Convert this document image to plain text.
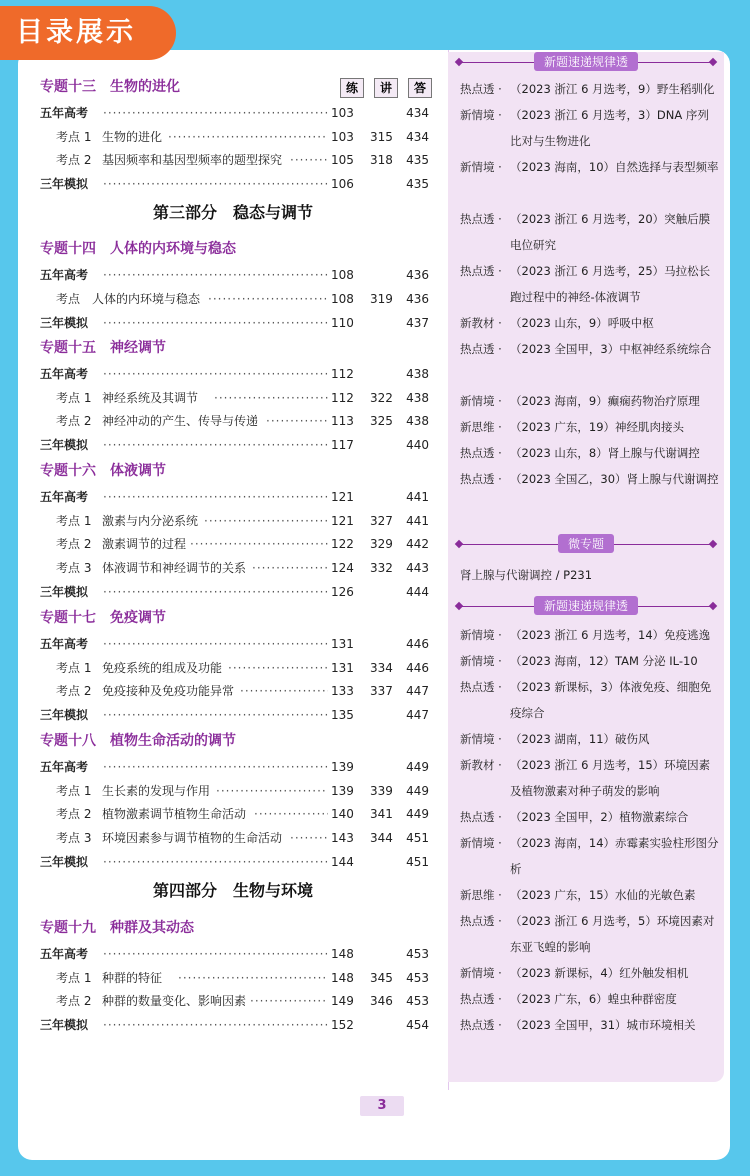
目录展示
练	讲	答
专题十三　生物的进化
五年高考 ·····	103	434
考点 1 生物的进化 ·····	103 315 434
考点 2 基因频率和基因型频率的题型探究 ·····	105 318 435
三年模拟 ·····	106	435
第三部分　稳态与调节
专题十四　人体的内环境与稳态
五年高考 ·····	108	436
考点 人体的内环境与稳态 ·····	108 319 436
三年模拟 ·····	110	437
专题十五　神经调节
五年高考 ·····	112	438
考点 1 神经系统及其调节 ·····	112 322 438
考点 2 神经冲动的产生、传导与传递 ·····	113 325 438
三年模拟 ·····	117	440
专题十六　体液调节
五年高考 ·····	121	441
考点 1 激素与内分泌系统 ·····	121 327 441
考点 2 激素调节的过程 ·····	122 329 442
考点 3 体液调节和神经调节的关系 ·····	124 332 443
三年模拟 ·····	126	444
专题十七　免疫调节
五年高考 ·····	131	446
考点 1 免疫系统的组成及功能 ·····	131 334 446
考点 2 免疫接种及免疫功能异常 ·····	133 337 447
三年模拟 ·····	135	447
专题十八　植物生命活动的调节
五年高考 ·····	139	449
考点 1 生长素的发现与作用 ·····	139 339 449
考点 2 植物激素调节植物生命活动 ·····	140 341 449
考点 3 环境因素参与调节植物的生命活动 ·····	143 344 451
三年模拟 ·····	144	451
第四部分　生物与环境
专题十九　种群及其动态
五年高考 ·····	148	453
考点 1 种群的特征 ·····	148 345 453
考点 2 种群的数量变化、影响因素 ·····	149 346 453
三年模拟 ·····	152	454
新题速递规律透
热点透 · （2023 浙江 6 月选考，9）野生稻驯化
新情境 · （2023 浙江 6 月选考，3）DNA 序列比对与生物进化
新情境 · （2023 海南，10）自然选择与表型频率
热点透 · （2023 浙江 6 月选考，20）突触后膜电位研究
热点透 · （2023 浙江 6 月选考，25）马拉松长跑过程中的神经-体液调节
新教材 · （2023 山东，9）呼吸中枢
热点透 · （2023 全国甲，3）中枢神经系统综合
新情境 · （2023 海南，9）癫痫药物治疗原理
新思维 · （2023 广东，19）神经肌肉接头
热点透 · （2023 山东，8）肾上腺与代谢调控
热点透 · （2023 全国乙，30）肾上腺与代谢调控
微专题
肾上腺与代谢调控 / P231
新题速递规律透
新情境 · （2023 浙江 6 月选考，14）免疫逃逸
新情境 · （2023 海南，12）TAM 分泌 IL-10
热点透 · （2023 新课标，3）体液免疫、细胞免疫综合
新情境 · （2023 湖南，11）破伤风
新教材 · （2023 浙江 6 月选考，15）环境因素及植物激素对种子萌发的影响
热点透 · （2023 全国甲，2）植物激素综合
新情境 · （2023 海南，14）赤霉素实验柱形图分析
新思维 · （2023 广东，15）水仙的光敏色素
热点透 · （2023 浙江 6 月选考，5）环境因素对东亚飞蝗的影响
新情境 · （2023 新课标，4）红外触发相机
热点透 · （2023 广东，6）蝗虫种群密度
热点透 · （2023 全国甲，31）城市环境相关
3
